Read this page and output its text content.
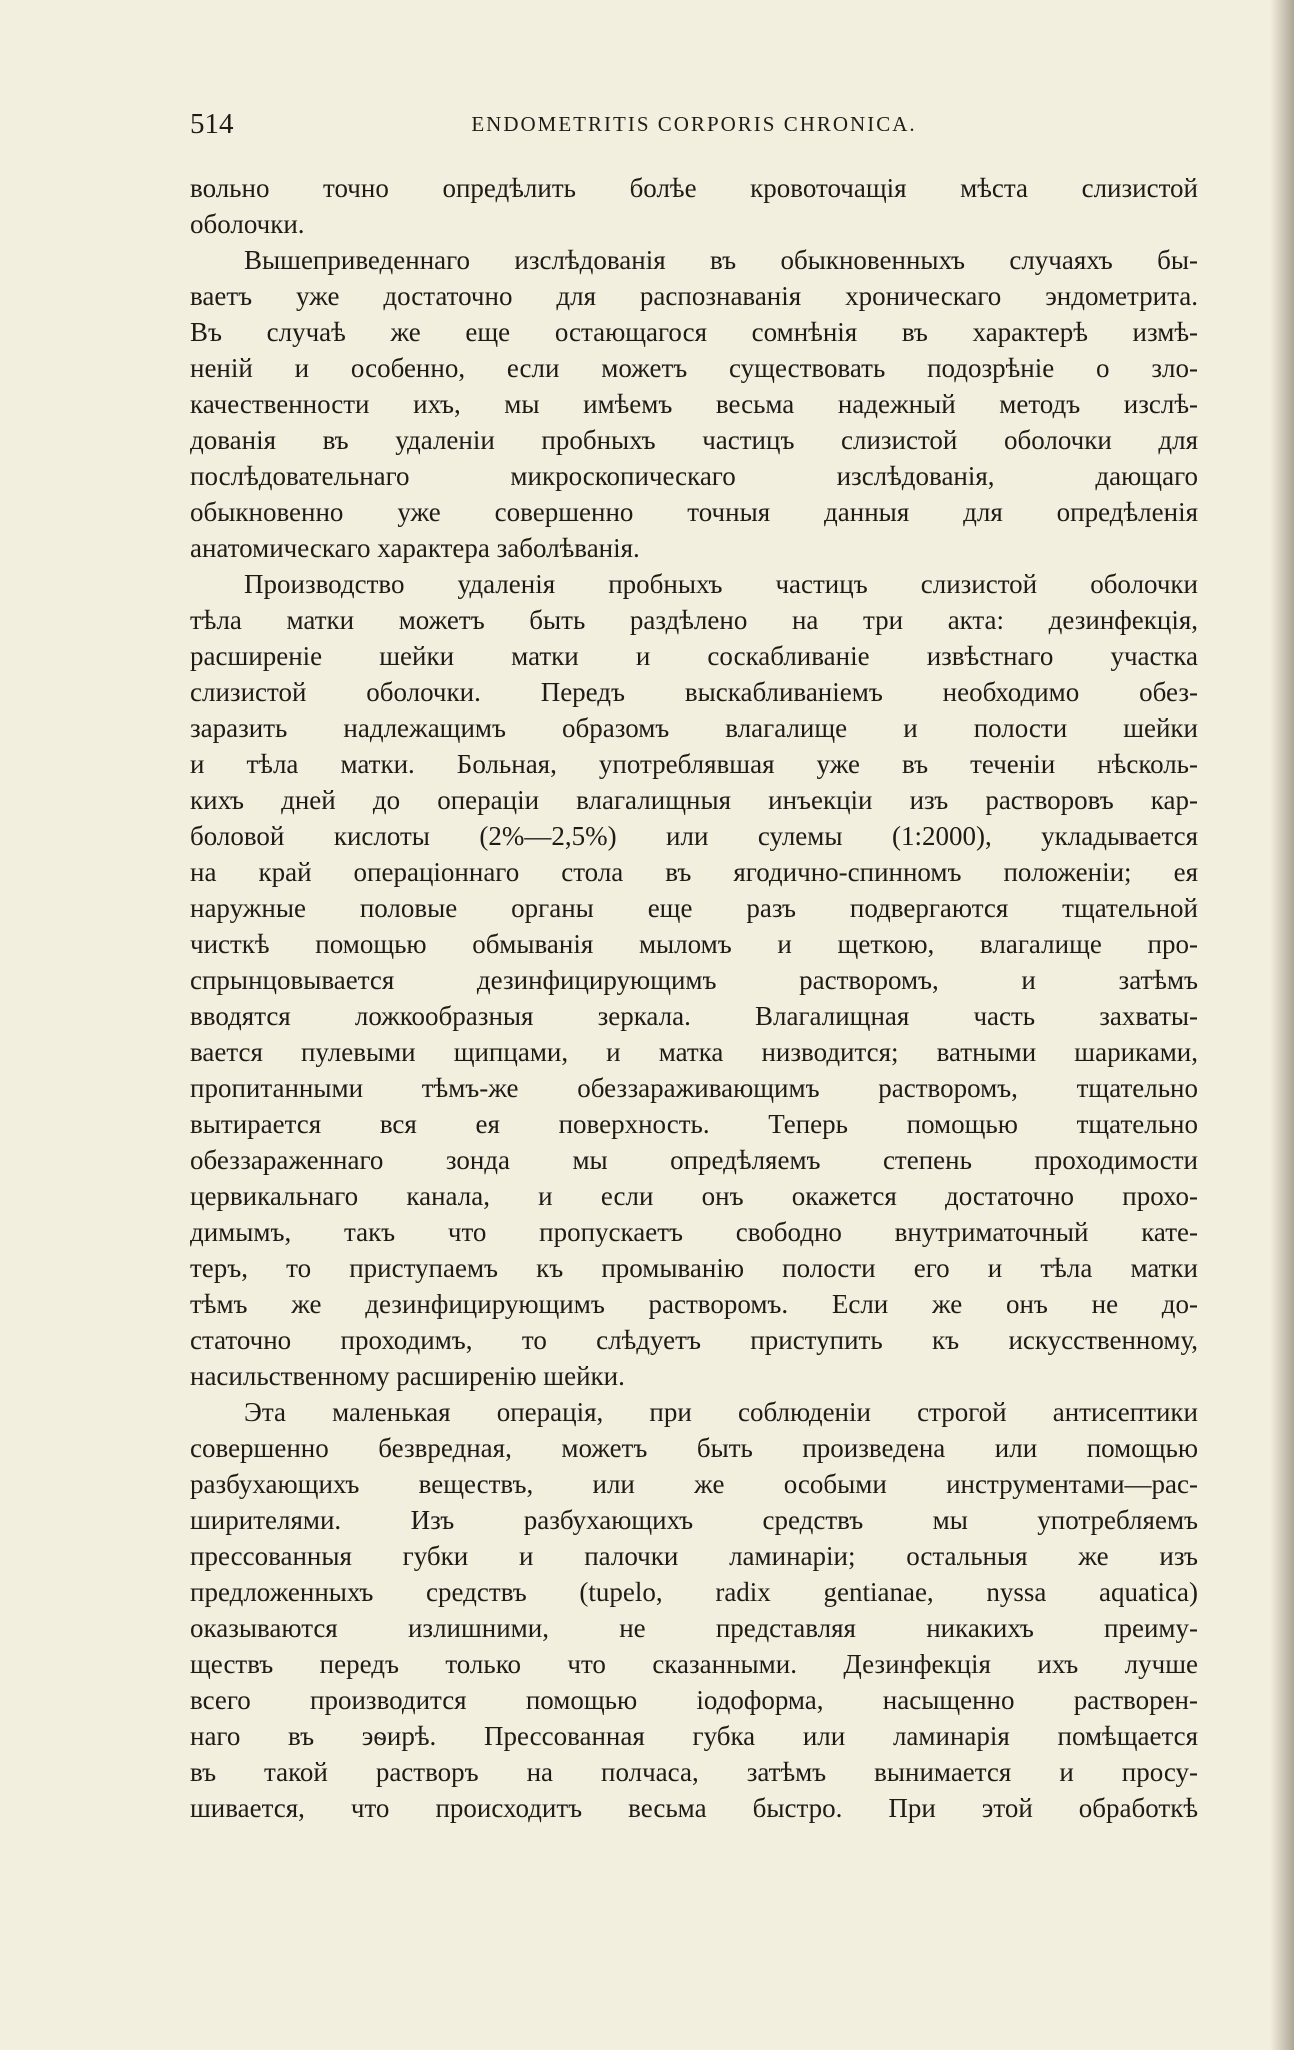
514	ENDOMETRITIS CORPORIS CHRONICA.
вольно точно опредѣлить болѣе кровоточащія мѣста слизистой
оболочки.
Вышеприведеннаго изслѣдованія въ обыкновенныхъ случаяхъ бы-
ваетъ уже достаточно для распознаванія хроническаго эндометрита.
Въ случаѣ же еще остающагося сомнѣнія въ характерѣ измѣ-
неній и особенно, если можетъ существовать подозрѣніе о зло-
качественности ихъ, мы имѣемъ весьма надежный методъ изслѣ-
дованія въ удаленіи пробныхъ частицъ слизистой оболочки для
послѣдовательнаго микроскопическаго изслѣдованія, дающаго
обыкновенно уже совершенно точныя данныя для опредѣленія
анатомическаго характера заболѣванія.
Производство удаленія пробныхъ частицъ слизистой оболочки
тѣла матки можетъ быть раздѣлено на три акта: дезинфекція,
расширеніе шейки матки и соскабливаніе извѣстнаго участка
слизистой оболочки. Передъ выскабливаніемъ необходимо обез-
заразить надлежащимъ образомъ влагалище и полости шейки
и тѣла матки. Больная, употреблявшая уже въ теченіи нѣсколь-
кихъ дней до операціи влагалищныя инъекціи изъ растворовъ кар-
боловой кислоты (2%—2,5%) или сулемы (1:2000), укладывается
на край операціоннаго стола въ ягодично-спинномъ положеніи; ея
наружные половые органы еще разъ подвергаются тщательной
чисткѣ помощью обмыванія мыломъ и щеткою, влагалище про-
спрынцовывается дезинфицирующимъ растворомъ, и затѣмъ
вводятся ложкообразныя зеркала. Влагалищная часть захваты-
вается пулевыми щипцами, и матка низводится; ватными шариками,
пропитанными тѣмъ-же обеззараживающимъ растворомъ, тщательно
вытирается вся ея поверхность. Теперь помощью тщательно
обеззараженнаго зонда мы опредѣляемъ степень проходимости
цервикальнаго канала, и если онъ окажется достаточно прохо-
димымъ, такъ что пропускаетъ свободно внутриматочный кате-
теръ, то приступаемъ къ промыванію полости его и тѣла матки
тѣмъ же дезинфицирующимъ растворомъ. Если же онъ не до-
статочно проходимъ, то слѣдуетъ приступить къ искусственному,
насильственному расширенію шейки.
Эта маленькая операція, при соблюденіи строгой антисептики
совершенно безвредная, можетъ быть произведена или помощью
разбухающихъ веществъ, или же особыми инструментами—рас-
ширителями. Изъ разбухающихъ средствъ мы употребляемъ
прессованныя губки и палочки ламинаріи; остальныя же изъ
предложенныхъ средствъ (tupelo, radix gentianae, nyssa aquatica)
оказываются излишними, не представляя никакихъ преиму-
ществъ передъ только что сказанными. Дезинфекція ихъ лучше
всего производится помощью іодоформа, насыщенно растворен-
наго въ эѳирѣ. Прессованная губка или ламинарія помѣщается
въ такой растворъ на полчаса, затѣмъ вынимается и просу-
шивается, что происходитъ весьма быстро. При этой обработкѣ
